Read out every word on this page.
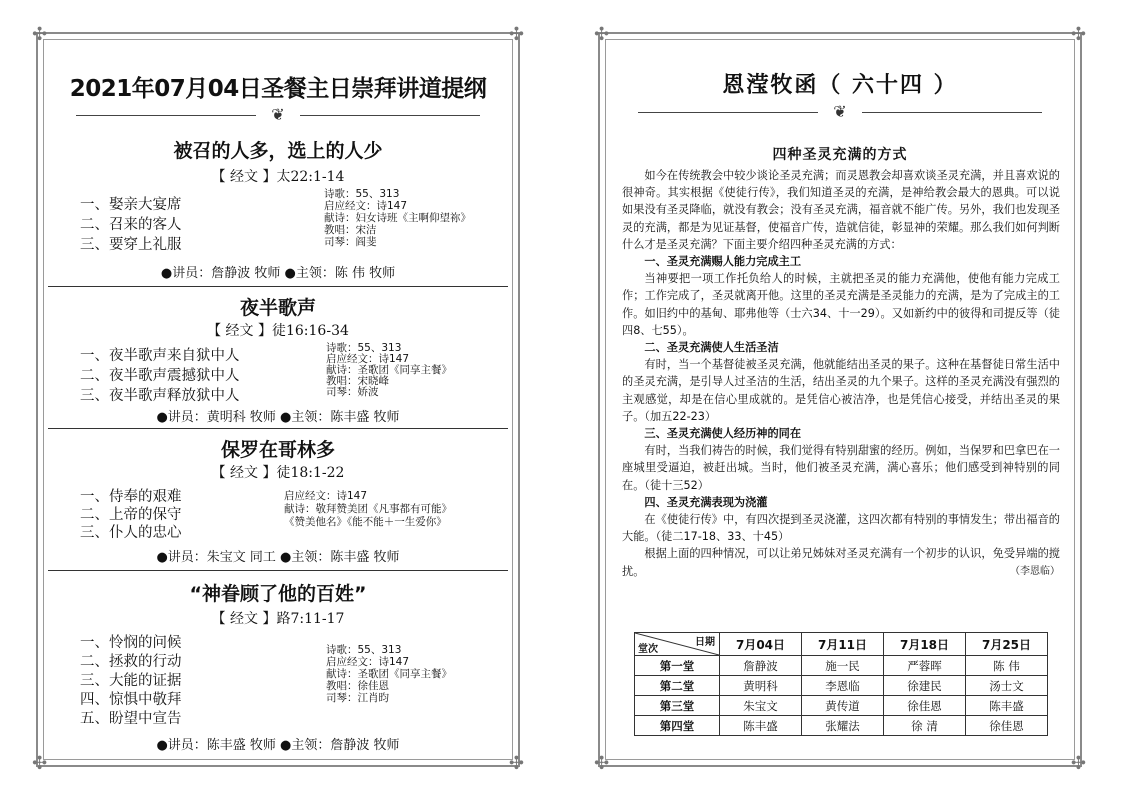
✣	✣
✣	✣
2021年07月04日圣餐主日崇拜讲道提纲
❦
被召的人多，选上的人少
【 经文 】太22:1-14
一、娶亲大宴席
二、召来的客人
三、要穿上礼服
诗歌：55、313
启应经文：诗147
献诗：妇女诗班《主啊仰望祢》
教唱：宋洁
司琴：阎斐
●讲员：詹静波 牧师 ●主领：陈 伟 牧师
夜半歌声
【 经文 】徒16:16-34
一、夜半歌声来自狱中人
二、夜半歌声震撼狱中人
三、夜半歌声释放狱中人
诗歌：55、313
启应经文：诗147
献诗：圣歌团《同享主餐》
教唱：宋晓峰
司琴：娇波
●讲员：黄明科 牧师 ●主领：陈丰盛 牧师
保罗在哥林多
【 经文 】徒18:1-22
一、侍奉的艰难
二、上帝的保守
三、仆人的忠心
启应经文：诗147
献诗：敬拜赞美团《凡事都有可能》
《赞美他名》《能不能＋一生爱你》
●讲员：朱宝文 同工 ●主领：陈丰盛 牧师
“神眷顾了他的百姓”
【 经文 】路7:11-17
一、怜悯的问候
二、拯救的行动
三、大能的证据
四、惊惧中敬拜
五、盼望中宣告
诗歌：55、313
启应经文：诗147
献诗：圣歌团《同享主餐》
教唱：徐佳恩
司琴：江肖昀
●讲员：陈丰盛 牧师 ●主领：詹静波 牧师
✣	✣
✣	✣
恩滢牧函（ 六十四 ）
❦
四种圣灵充满的方式

如今在传统教会中较少谈论圣灵充满；而灵恩教会却喜欢谈圣灵充满，并且喜欢说的很神奇。其实根据《使徒行传》，我们知道圣灵的充满，是神给教会最大的恩典。可以说如果没有圣灵降临，就没有教会；没有圣灵充满，福音就不能广传。另外，我们也发现圣灵的充满，都是为见证基督，使福音广传，造就信徒，彰显神的荣耀。那么我们如何判断什么才是圣灵充满？下面主要介绍四种圣灵充满的方式：

一、圣灵充满赐人能力完成主工

当神要把一项工作托负给人的时候，主就把圣灵的能力充满他，使他有能力完成工作；工作完成了，圣灵就离开他。这里的圣灵充满是圣灵能力的充满，是为了完成主的工作。如旧约中的基甸、耶弗他等（士六34、十一29）。又如新约中的彼得和司提反等（徒四8、七55）。

二、圣灵充满使人生活圣洁

有时，当一个基督徒被圣灵充满，他就能结出圣灵的果子。这种在基督徒日常生活中的圣灵充满，是引导人过圣洁的生活，结出圣灵的九个果子。这样的圣灵充满没有强烈的主观感觉，却是在信心里成就的。是凭信心被洁净，也是凭信心接受，并结出圣灵的果子。（加五22-23）

三、圣灵充满使人经历神的同在

有时，当我们祷告的时候，我们觉得有特别甜蜜的经历。例如，当保罗和巴拿巴在一座城里受逼迫，被赶出城。当时，他们被圣灵充满，满心喜乐；他们感受到神特别的同在。（徒十三52）

四、圣灵充满表现为浇灌

在《使徒行传》中，有四次提到圣灵浇灌，这四次都有特别的事情发生；带出福音的大能。（徒二17-18、33、十45）

根据上面的四种情况，可以让弟兄姊妹对圣灵充满有一个初步的认识，免受异端的搅扰。	（李恩临）

日期
堂次	7月04日	7月11日	7月18日	7月25日
第一堂	詹静波	施一民	严蓉晖	陈 伟
第二堂	黄明科	李恩临	徐建民	汤士文
第三堂	朱宝文	黄传道	徐佳恩	陈丰盛
第四堂	陈丰盛	张耀法	徐 清	徐佳恩
